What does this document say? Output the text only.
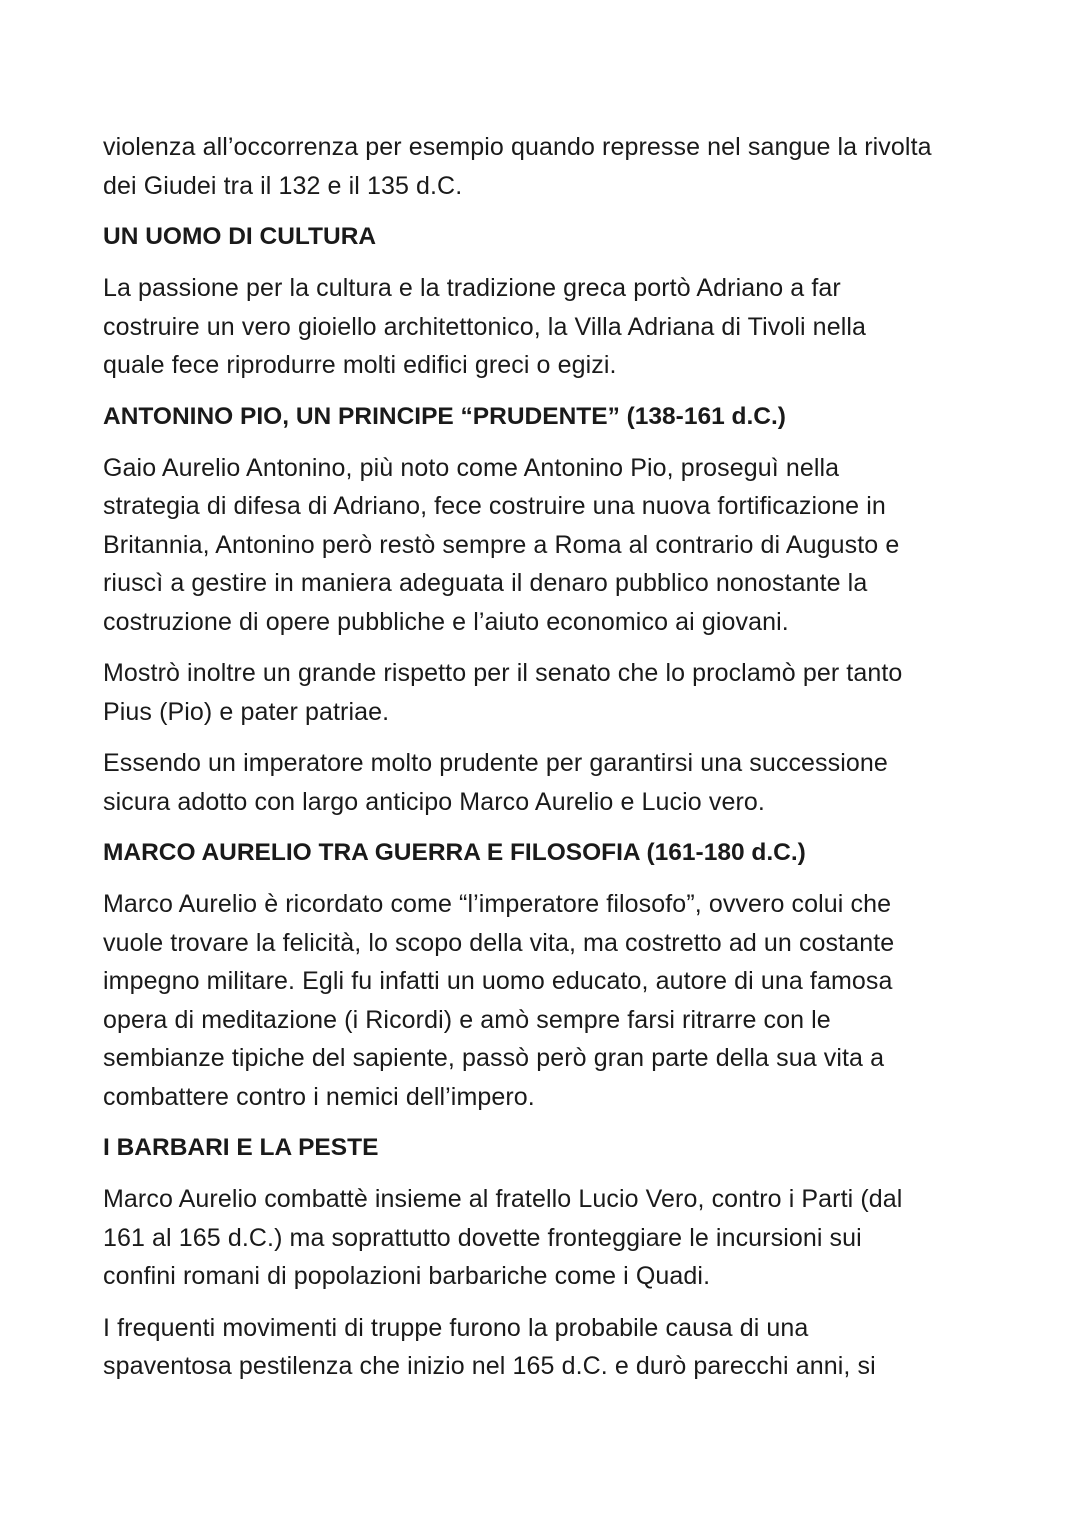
violenza all’occorrenza per esempio quando represse nel sangue la rivolta
dei Giudei tra il 132 e il 135 d.C.

UN UOMO DI CULTURA

La passione per la cultura e la tradizione greca portò Adriano a far
costruire un vero gioiello architettonico, la Villa Adriana di Tivoli nella
quale fece riprodurre molti edifici greci o egizi.

ANTONINO PIO, UN PRINCIPE “PRUDENTE” (138-161 d.C.)

Gaio Aurelio Antonino, più noto come Antonino Pio, proseguì nella
strategia di difesa di Adriano, fece costruire una nuova fortificazione in
Britannia, Antonino però restò sempre a Roma al contrario di Augusto e
riuscì a gestire in maniera adeguata il denaro pubblico nonostante la
costruzione di opere pubbliche e l’aiuto economico ai giovani.

Mostrò inoltre un grande rispetto per il senato che lo proclamò per tanto
Pius (Pio) e pater patriae.

Essendo un imperatore molto prudente per garantirsi una successione
sicura adotto con largo anticipo Marco Aurelio e Lucio vero.

MARCO AURELIO TRA GUERRA E FILOSOFIA (161-180 d.C.)

Marco Aurelio è ricordato come “l’imperatore filosofo”, ovvero colui che
vuole trovare la felicità, lo scopo della vita, ma costretto ad un costante
impegno militare. Egli fu infatti un uomo educato, autore di una famosa
opera di meditazione (i Ricordi) e amò sempre farsi ritrarre con le
sembianze tipiche del sapiente, passò però gran parte della sua vita a
combattere contro i nemici dell’impero.

I BARBARI E LA PESTE

Marco Aurelio combattè insieme al fratello Lucio Vero, contro i Parti (dal
161 al 165 d.C.) ma soprattutto dovette fronteggiare le incursioni sui
confini romani di popolazioni barbariche come i Quadi.

I frequenti movimenti di truppe furono la probabile causa di una
spaventosa pestilenza che inizio nel 165 d.C. e durò parecchi anni, si
